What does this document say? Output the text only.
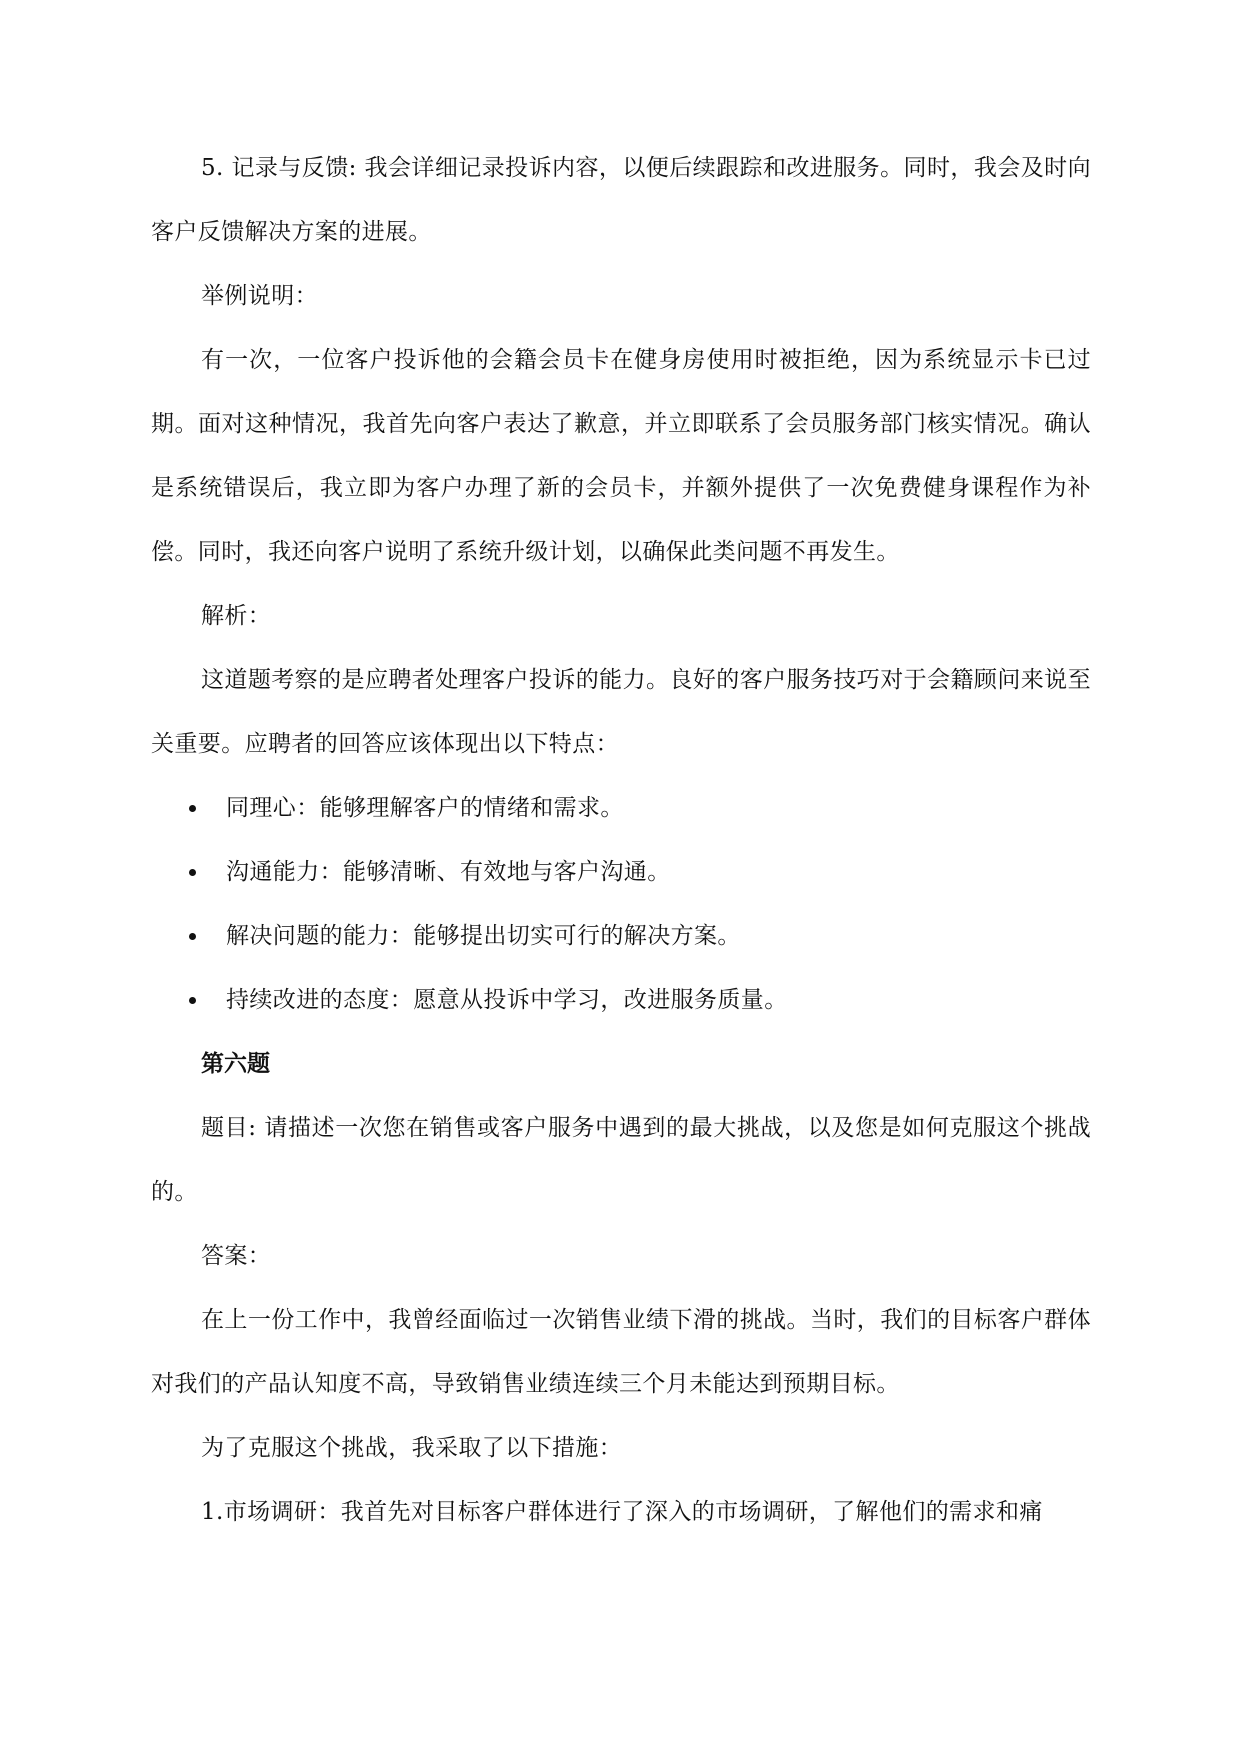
5. 记录与反馈: 我会详细记录投诉内容，以便后续跟踪和改进服务。同时，我会及时向客户反馈解决方案的进展。

举例说明：

有一次，一位客户投诉他的会籍会员卡在健身房使用时被拒绝，因为系统显示卡已过期。面对这种情况，我首先向客户表达了歉意，并立即联系了会员服务部门核实情况。确认是系统错误后，我立即为客户办理了新的会员卡，并额外提供了一次免费健身课程作为补偿。同时，我还向客户说明了系统升级计划，以确保此类问题不再发生。

解析：

这道题考察的是应聘者处理客户投诉的能力。良好的客户服务技巧对于会籍顾问来说至关重要。应聘者的回答应该体现出以下特点：

同理心：能够理解客户的情绪和需求。
沟通能力：能够清晰、有效地与客户沟通。
解决问题的能力：能够提出切实可行的解决方案。
持续改进的态度：愿意从投诉中学习，改进服务质量。

第六题

题目: 请描述一次您在销售或客户服务中遇到的最大挑战，以及您是如何克服这个挑战的。

答案：

在上一份工作中，我曾经面临过一次销售业绩下滑的挑战。当时，我们的目标客户群体对我们的产品认知度不高，导致销售业绩连续三个月未能达到预期目标。

为了克服这个挑战，我采取了以下措施：

1.市场调研：我首先对目标客户群体进行了深入的市场调研，了解他们的需求和痛
